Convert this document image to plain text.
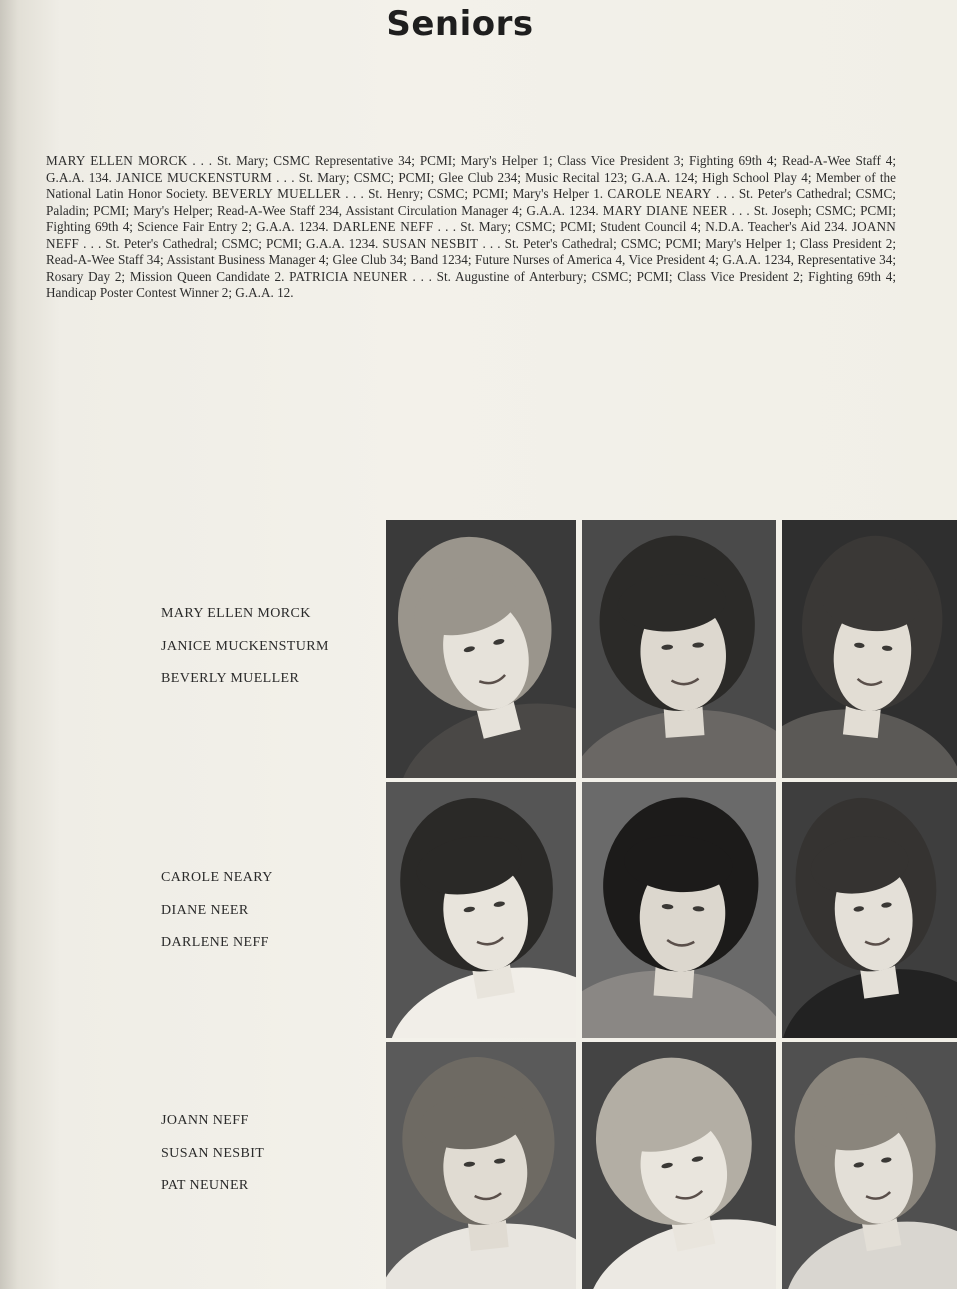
Seniors
MARY ELLEN MORCK . . . St. Mary; CSMC Representative 34; PCMI; Mary's Helper 1; Class Vice President 3; Fighting 69th 4; Read-A-Wee Staff 4; G.A.A. 134. JANICE MUCKENSTURM . . . St. Mary; CSMC; PCMI; Glee Club 234; Music Recital 123; G.A.A. 124; High School Play 4; Member of the National Latin Honor Society. BEVERLY MUELLER . . . St. Henry; CSMC; PCMI; Mary's Helper 1. CAROLE NEARY . . . St. Peter's Cathedral; CSMC; Paladin; PCMI; Mary's Helper; Read-A-Wee Staff 234, Assistant Circulation Manager 4; G.A.A. 1234. MARY DIANE NEER . . . St. Joseph; CSMC; PCMI; Fighting 69th 4; Science Fair Entry 2; G.A.A. 1234. DARLENE NEFF . . . St. Mary; CSMC; PCMI; Student Council 4; N.D.A. Teacher's Aid 234. JOANN NEFF . . . St. Peter's Cathedral; CSMC; PCMI; G.A.A. 1234. SUSAN NESBIT . . . St. Peter's Cathedral; CSMC; PCMI; Mary's Helper 1; Class President 2; Read-A-Wee Staff 34; Assistant Business Manager 4; Glee Club 34; Band 1234; Future Nurses of America 4, Vice President 4; G.A.A. 1234, Representative 34; Rosary Day 2; Mission Queen Candidate 2. PATRICIA NEUNER . . . St. Augustine of Anterbury; CSMC; PCMI; Class Vice President 2; Fighting 69th 4; Handicap Poster Contest Winner 2; G.A.A. 12.
MARY ELLEN MORCK
JANICE MUCKENSTURM
BEVERLY MUELLER
CAROLE NEARY
DIANE NEER
DARLENE NEFF
JOANN NEFF
SUSAN NESBIT
PAT NEUNER
